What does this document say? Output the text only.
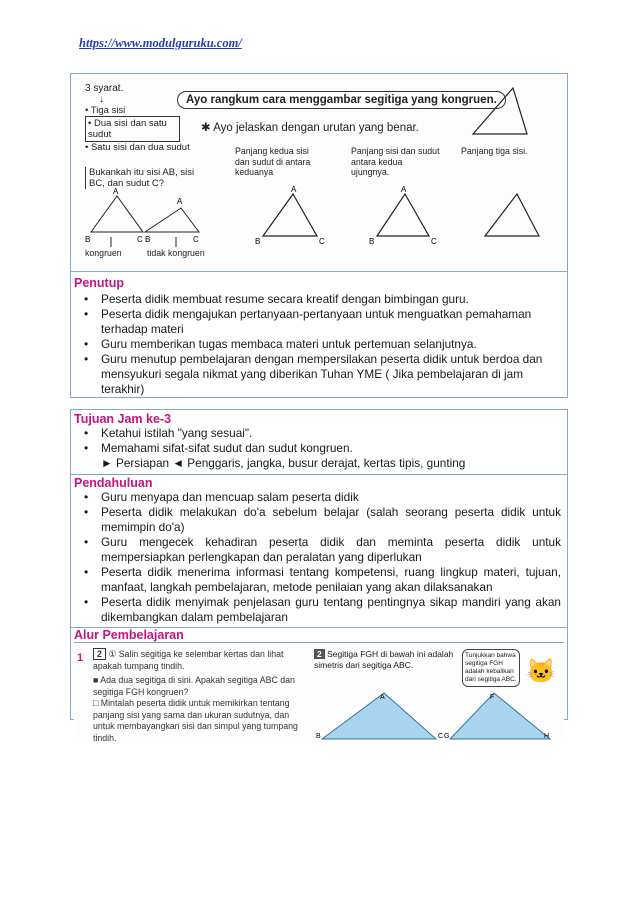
https://www.modulguruku.com/
3 syarat.
↓
• Tiga sisi
• Dua sisi dan satu sudut
• Satu sisi dan dua sudut
Bukankah itu sisi AB, sisi BC, dan sudut C?
B	C B	C
A
A
kongruen	tidak kongruen
Ayo rangkum cara menggambar segitiga yang kongruen.
✱ Ayo jelaskan dengan urutan yang benar.
Panjang kedua sisi dan sudut di antara keduanya
Panjang sisi dan sudut antara kedua ujungnya.
Panjang tiga sisi.
B	C
A
B	C
A
Penutup
• Peserta didik membuat resume secara kreatif dengan bimbingan guru.
• Peserta didik mengajukan pertanyaan-pertanyaan untuk menguatkan pemahaman terhadap materi
• Guru memberikan tugas membaca materi untuk pertemuan selanjutnya.
• Guru menutup pembelajaran dengan mempersilakan peserta didik untuk berdoa dan mensyukuri segala nikmat yang diberikan Tuhan YME ( Jika pembelajaran di jam terakhir)
Tujuan Jam ke-3
• Ketahui istilah "yang sesuai".
• Memahami sifat-sifat sudut dan sudut kongruen.
► Persiapan ◄ Penggaris, jangka, busur derajat, kertas tipis, gunting
Pendahuluan
• Guru menyapa dan mencuap salam peserta didik
• Peserta didik melakukan do'a sebelum belajar (salah seorang peserta didik untuk memimpin do'a)
• Guru mengecek kehadiran peserta didik dan meminta peserta didik untuk mempersiapkan perlengkapan dan peralatan yang diperlukan
• Peserta didik menerima informasi tentang kompetensi, ruang lingkup materi, tujuan, manfaat, langkah pembelajaran, metode penilaian yang akan dilaksanakan
• Peserta didik menyimak penjelasan guru tentang pentingnya sikap mandiri yang akan dikembangkan dalam pembelajaran
Alur Pembelajaran
1	2 ① Salin segitiga ke selembar kertas dan lihat apakah tumpang tindih.
■ Ada dua segitiga di sini. Apakah segitiga ABC dan segitiga FGH kongruen?
□ Mintalah peserta didik untuk memikirkan tentang panjang sisi yang sama dan ukuran sudutnya, dan untuk membayangkan sisi dan simpul yang tumpang tindih.
2 Segitiga FGH di bawah ini adalah simetris dari segitiga ABC.
Tunjukkan bahwa segitiga FGH adalah kebalikan dari segitiga ABC. 🐱
A
B	C
F
G	H
